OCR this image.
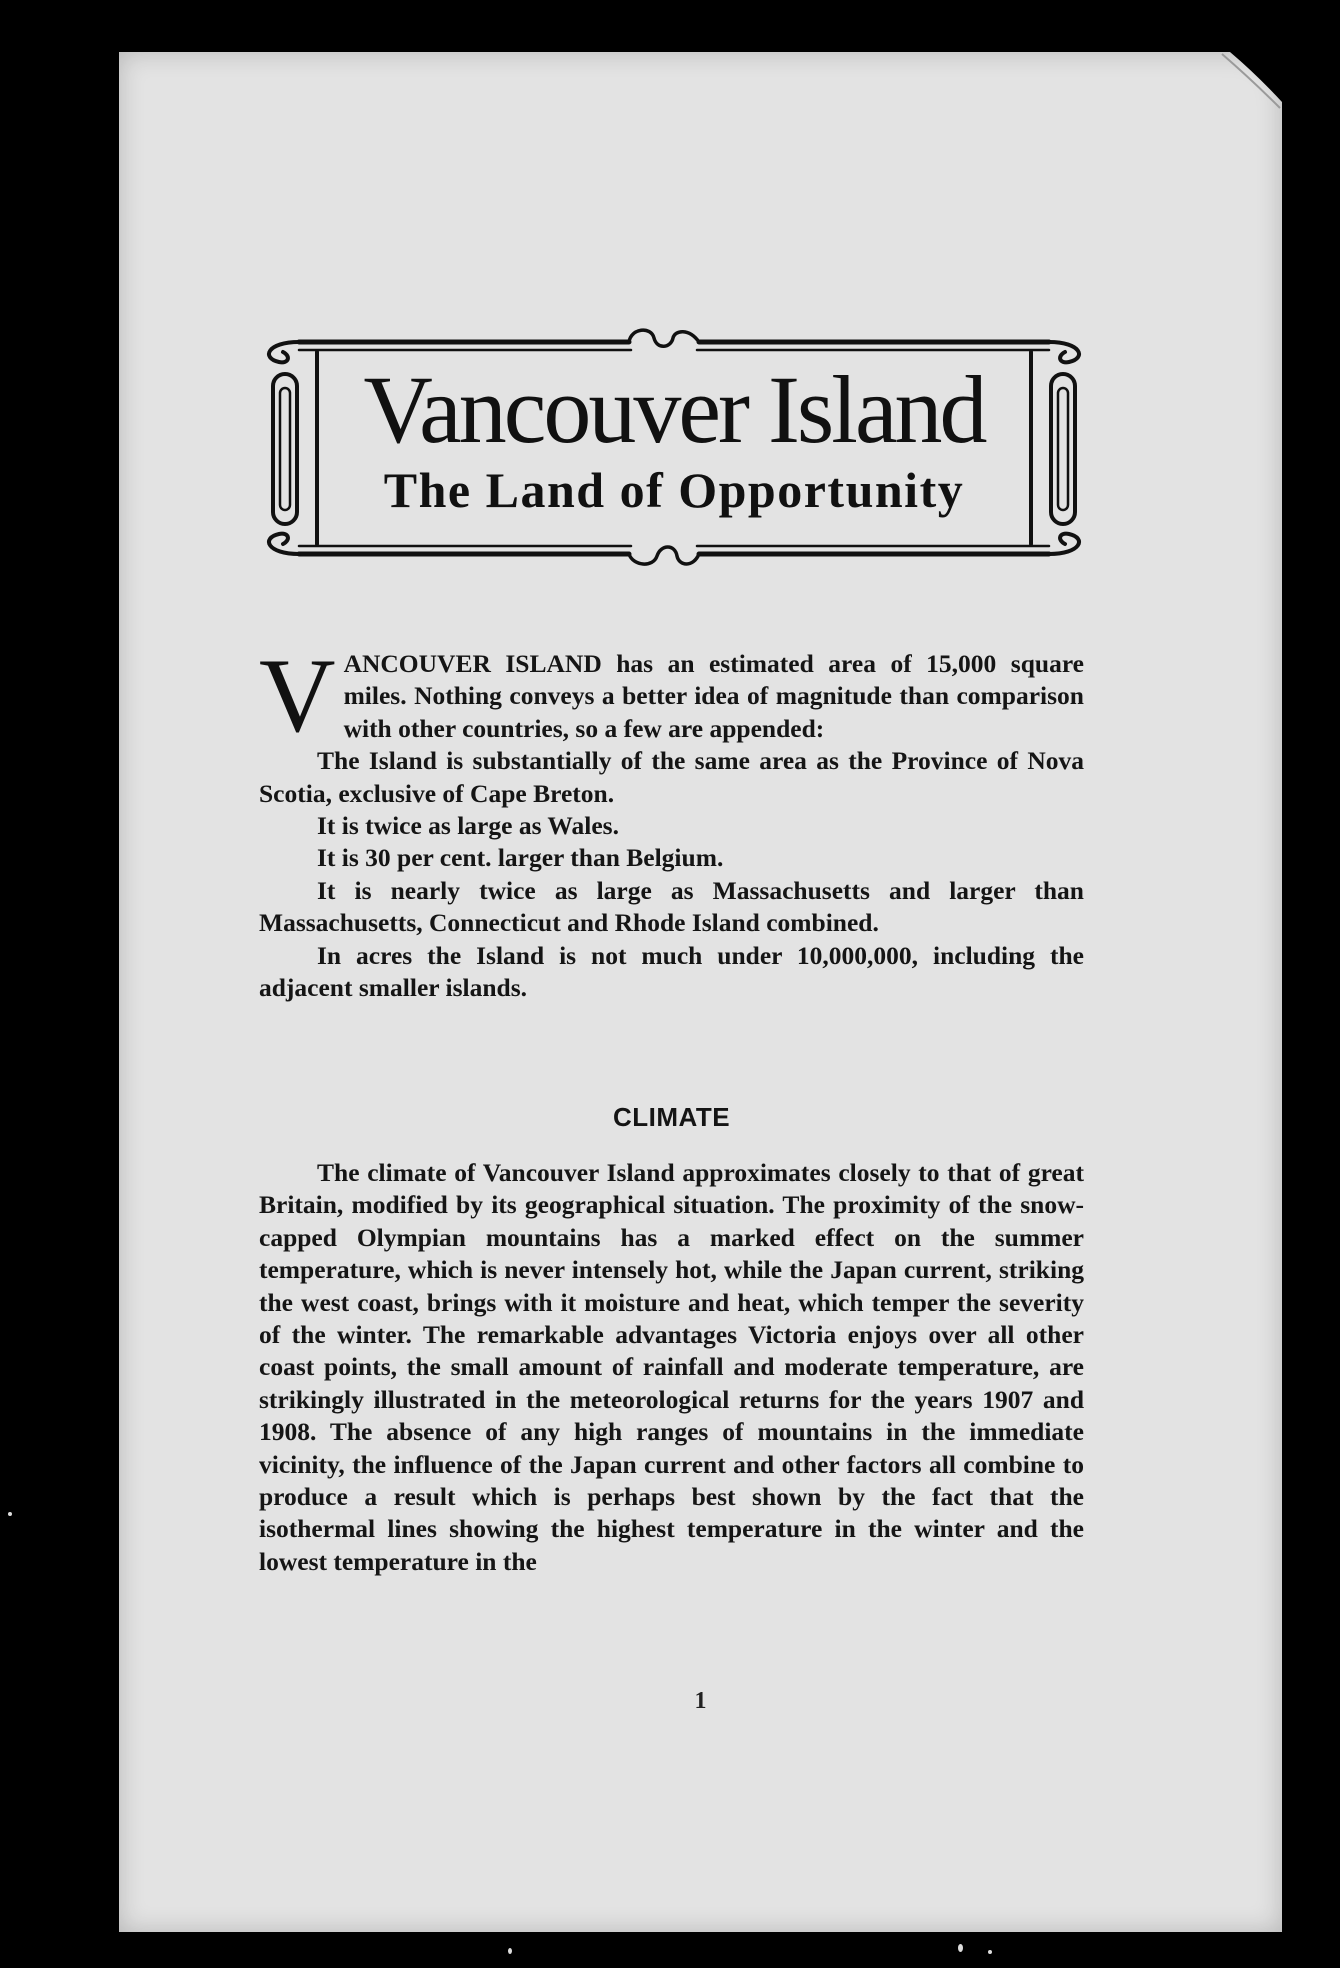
Vancouver Island
The Land of Opportunity

VANCOUVER ISLAND has an estimated area of 15,000 square miles. Nothing conveys a better idea of magnitude than comparison with other countries, so a few are appended:

The Island is substantially of the same area as the Province of Nova Scotia, exclusive of Cape Breton.

It is twice as large as Wales.

It is 30 per cent. larger than Belgium.

It is nearly twice as large as Massachusetts and larger than Massachusetts, Connecticut and Rhode Island combined.

In acres the Island is not much under 10,000,000, including the adjacent smaller islands.

CLIMATE

The climate of Vancouver Island approximates closely to that of great Britain, modified by its geographical situation. The proximity of the snow-capped Olympian mountains has a marked effect on the summer temperature, which is never intensely hot, while the Japan current, striking the west coast, brings with it moisture and heat, which temper the severity of the winter. The remarkable advantages Victoria enjoys over all other coast points, the small amount of rainfall and moderate temperature, are strikingly illustrated in the meteorological returns for the years 1907 and 1908. The absence of any high ranges of mountains in the immediate vicinity, the influence of the Japan current and other factors all combine to produce a result which is perhaps best shown by the fact that the isothermal lines showing the highest temperature in the winter and the lowest temperature in the

1
